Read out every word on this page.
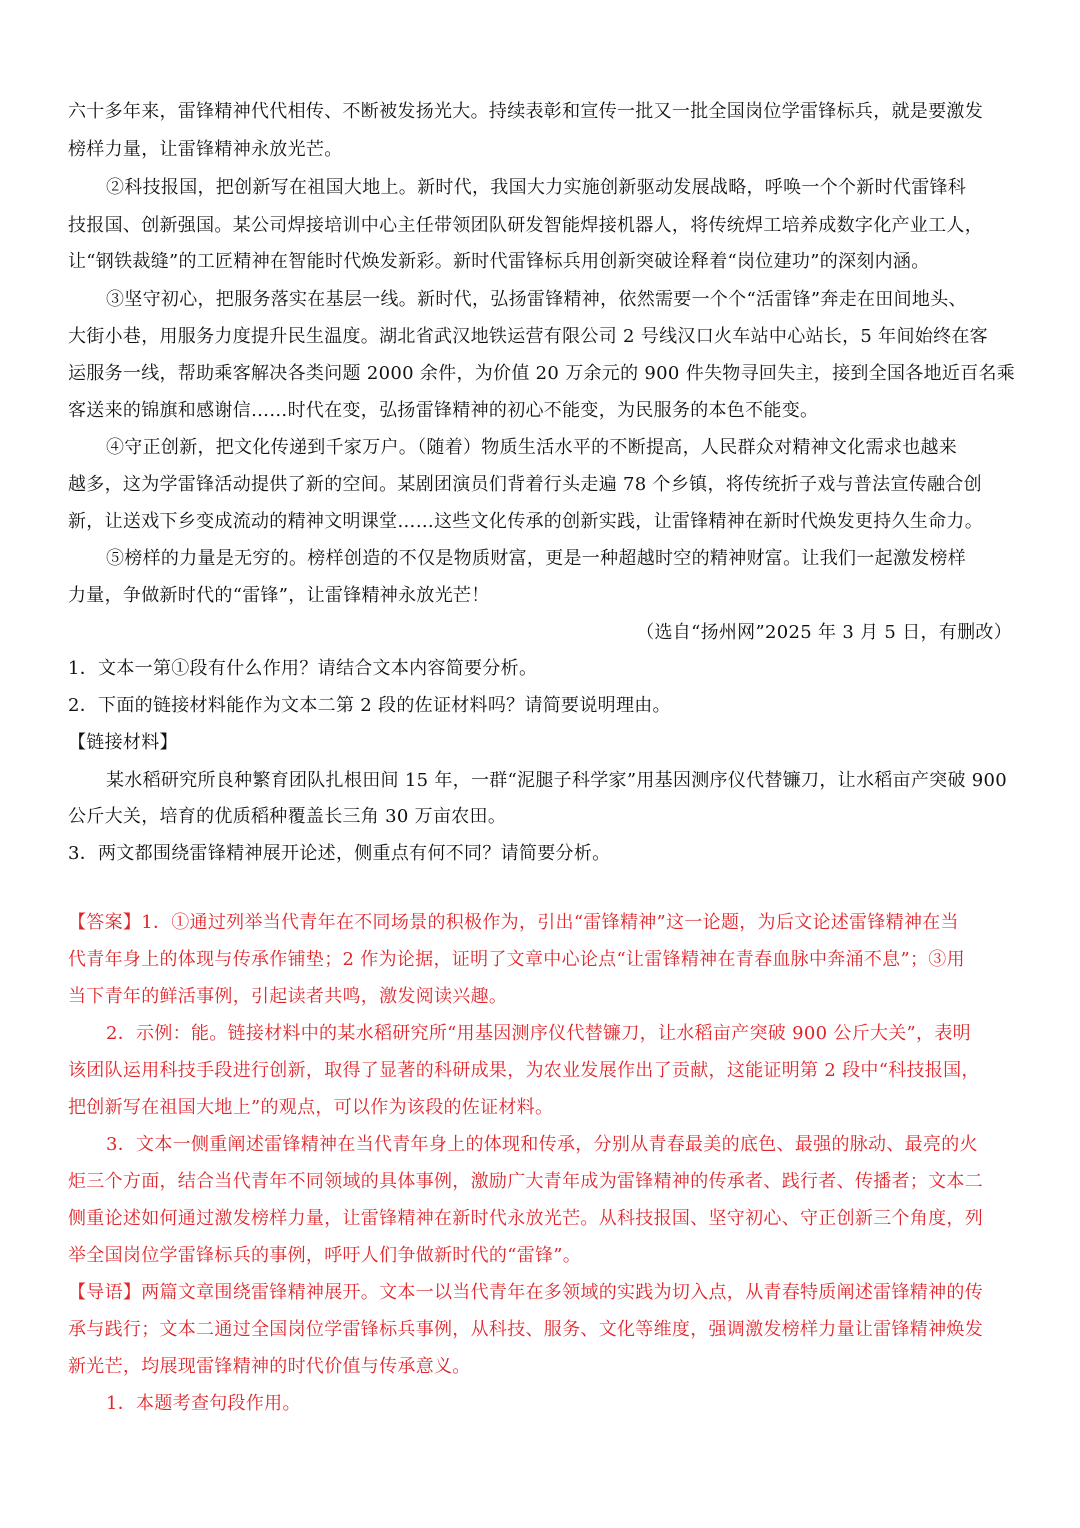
六十多年来，雷锋精神代代相传、不断被发扬光大。持续表彰和宣传一批又一批全国岗位学雷锋标兵，就是要激发
榜样力量，让雷锋精神永放光芒。
②科技报国，把创新写在祖国大地上。新时代，我国大力实施创新驱动发展战略，呼唤一个个新时代雷锋科
技报国、创新强国。某公司焊接培训中心主任带领团队研发智能焊接机器人，将传统焊工培养成数字化产业工人，
让“钢铁裁缝”的工匠精神在智能时代焕发新彩。新时代雷锋标兵用创新突破诠释着“岗位建功”的深刻内涵。
③坚守初心，把服务落实在基层一线。新时代，弘扬雷锋精神，依然需要一个个“活雷锋”奔走在田间地头、
大街小巷，用服务力度提升民生温度。湖北省武汉地铁运营有限公司 2 号线汉口火车站中心站长，5 年间始终在客
运服务一线，帮助乘客解决各类问题 2000 余件，为价值 20 万余元的 900 件失物寻回失主，接到全国各地近百名乘
客送来的锦旗和感谢信……时代在变，弘扬雷锋精神的初心不能变，为民服务的本色不能变。
④守正创新，把文化传递到千家万户。（随着）物质生活水平的不断提高，人民群众对精神文化需求也越来
越多，这为学雷锋活动提供了新的空间。某剧团演员们背着行头走遍 78 个乡镇，将传统折子戏与普法宣传融合创
新，让送戏下乡变成流动的精神文明课堂……这些文化传承的创新实践，让雷锋精神在新时代焕发更持久生命力。
⑤榜样的力量是无穷的。榜样创造的不仅是物质财富，更是一种超越时空的精神财富。让我们一起激发榜样
力量，争做新时代的“雷锋”，让雷锋精神永放光芒！
（选自“扬州网”2025 年 3 月 5 日，有删改）
1．文本一第①段有什么作用？请结合文本内容简要分析。
2．下面的链接材料能作为文本二第 2 段的佐证材料吗？请简要说明理由。
【链接材料】
某水稻研究所良种繁育团队扎根田间 15 年，一群“泥腿子科学家”用基因测序仪代替镰刀，让水稻亩产突破 900
公斤大关，培育的优质稻种覆盖长三角 30 万亩农田。
3．两文都围绕雷锋精神展开论述，侧重点有何不同？请简要分析。
【答案】1．①通过列举当代青年在不同场景的积极作为，引出“雷锋精神”这一论题，为后文论述雷锋精神在当
代青年身上的体现与传承作铺垫；2 作为论据，证明了文章中心论点“让雷锋精神在青春血脉中奔涌不息”；③用
当下青年的鲜活事例，引起读者共鸣，激发阅读兴趣。
2．示例：能。链接材料中的某水稻研究所“用基因测序仪代替镰刀，让水稻亩产突破 900 公斤大关”，表明
该团队运用科技手段进行创新，取得了显著的科研成果，为农业发展作出了贡献，这能证明第 2 段中“科技报国，
把创新写在祖国大地上”的观点，可以作为该段的佐证材料。
3．文本一侧重阐述雷锋精神在当代青年身上的体现和传承，分别从青春最美的底色、最强的脉动、最亮的火
炬三个方面，结合当代青年不同领域的具体事例，激励广大青年成为雷锋精神的传承者、践行者、传播者；文本二
侧重论述如何通过激发榜样力量，让雷锋精神在新时代永放光芒。从科技报国、坚守初心、守正创新三个角度，列
举全国岗位学雷锋标兵的事例，呼吁人们争做新时代的“雷锋”。
【导语】两篇文章围绕雷锋精神展开。文本一以当代青年在多领域的实践为切入点，从青春特质阐述雷锋精神的传
承与践行；文本二通过全国岗位学雷锋标兵事例，从科技、服务、文化等维度，强调激发榜样力量让雷锋精神焕发
新光芒，均展现雷锋精神的时代价值与传承意义。
1．本题考查句段作用。
